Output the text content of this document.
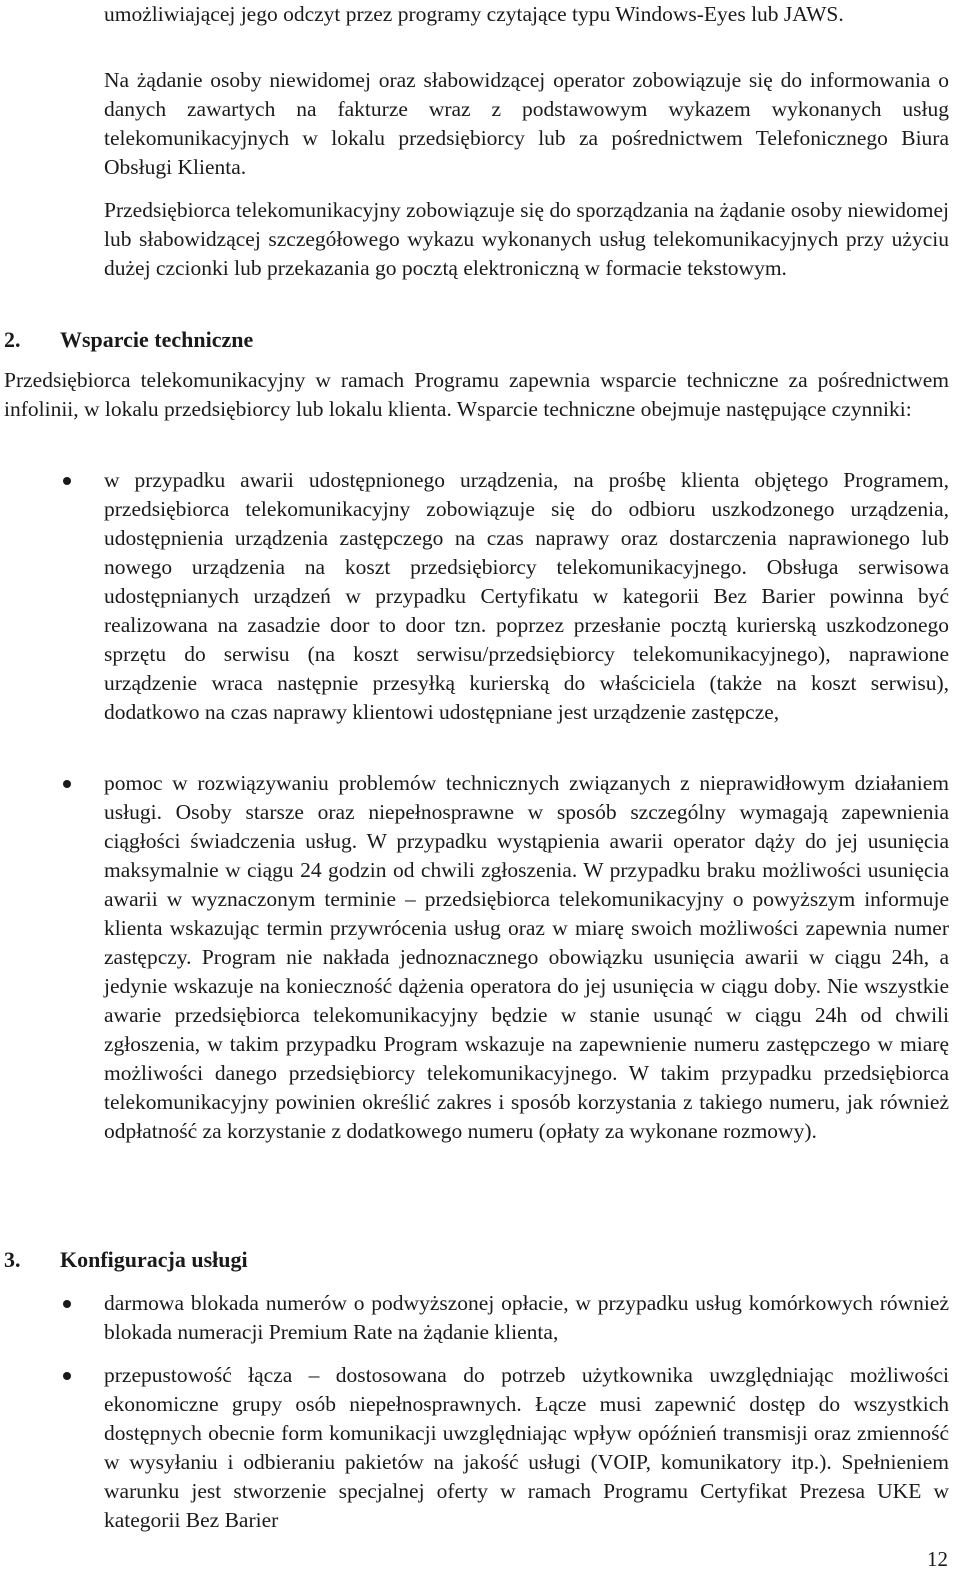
umożliwiającej jego odczyt przez programy czytające typu Windows-Eyes lub JAWS.

Na żądanie osoby niewidomej oraz słabowidzącej operator zobowiązuje się do informowania o danych zawartych na fakturze wraz z podstawowym wykazem wykonanych usług telekomunikacyjnych w lokalu przedsiębiorcy lub za pośrednictwem Telefonicznego Biura Obsługi Klienta.

Przedsiębiorca telekomunikacyjny zobowiązuje się do sporządzania na żądanie osoby niewidomej lub słabowidzącej szczegółowego wykazu wykonanych usług telekomunikacyjnych przy użyciu dużej czcionki lub przekazania go pocztą elektroniczną w formacie tekstowym.

2. Wsparcie techniczne

Przedsiębiorca telekomunikacyjny w ramach Programu zapewnia wsparcie techniczne za pośrednictwem infolinii, w lokalu przedsiębiorcy lub lokalu klienta. Wsparcie techniczne obejmuje następujące czynniki:

w przypadku awarii udostępnionego urządzenia, na prośbę klienta objętego Programem, przedsiębiorca telekomunikacyjny zobowiązuje się do odbioru uszkodzonego urządzenia, udostępnienia urządzenia zastępczego na czas naprawy oraz dostarczenia naprawionego lub nowego urządzenia na koszt przedsiębiorcy telekomunikacyjnego. Obsługa serwisowa udostępnianych urządzeń w przypadku Certyfikatu w kategorii Bez Barier powinna być realizowana na zasadzie door to door tzn. poprzez przesłanie pocztą kurierską uszkodzonego sprzętu do serwisu (na koszt serwisu/przedsiębiorcy telekomunikacyjnego), naprawione urządzenie wraca następnie przesyłką kurierską do właściciela (także na koszt serwisu), dodatkowo na czas naprawy klientowi udostępniane jest urządzenie zastępcze,

pomoc w rozwiązywaniu problemów technicznych związanych z nieprawidłowym działaniem usługi. Osoby starsze oraz niepełnosprawne w sposób szczególny wymagają zapewnienia ciągłości świadczenia usług. W przypadku wystąpienia awarii operator dąży do jej usunięcia maksymalnie w ciągu 24 godzin od chwili zgłoszenia. W przypadku braku możliwości usunięcia awarii w wyznaczonym terminie – przedsiębiorca telekomunikacyjny o powyższym informuje klienta wskazując termin przywrócenia usług oraz w miarę swoich możliwości zapewnia numer zastępczy. Program nie nakłada jednoznacznego obowiązku usunięcia awarii w ciągu 24h, a jedynie wskazuje na konieczność dążenia operatora do jej usunięcia w ciągu doby. Nie wszystkie awarie przedsiębiorca telekomunikacyjny będzie w stanie usunąć w ciągu 24h od chwili zgłoszenia, w takim przypadku Program wskazuje na zapewnienie numeru zastępczego w miarę możliwości danego przedsiębiorcy telekomunikacyjnego. W takim przypadku przedsiębiorca telekomunikacyjny powinien określić zakres i sposób korzystania z takiego numeru, jak również odpłatność za korzystanie z dodatkowego numeru (opłaty za wykonane rozmowy).

3. Konfiguracja usługi

darmowa blokada numerów o podwyższonej opłacie, w przypadku usług komórkowych również blokada numeracji Premium Rate na żądanie klienta,

przepustowość łącza – dostosowana do potrzeb użytkownika uwzględniając możliwości ekonomiczne grupy osób niepełnosprawnych. Łącze musi zapewnić dostęp do wszystkich dostępnych obecnie form komunikacji uwzględniając wpływ opóźnień transmisji oraz zmienność w wysyłaniu i odbieraniu pakietów na jakość usługi (VOIP, komunikatory itp.). Spełnieniem warunku jest stworzenie specjalnej oferty w ramach Programu Certyfikat Prezesa UKE w kategorii Bez Barier

12
